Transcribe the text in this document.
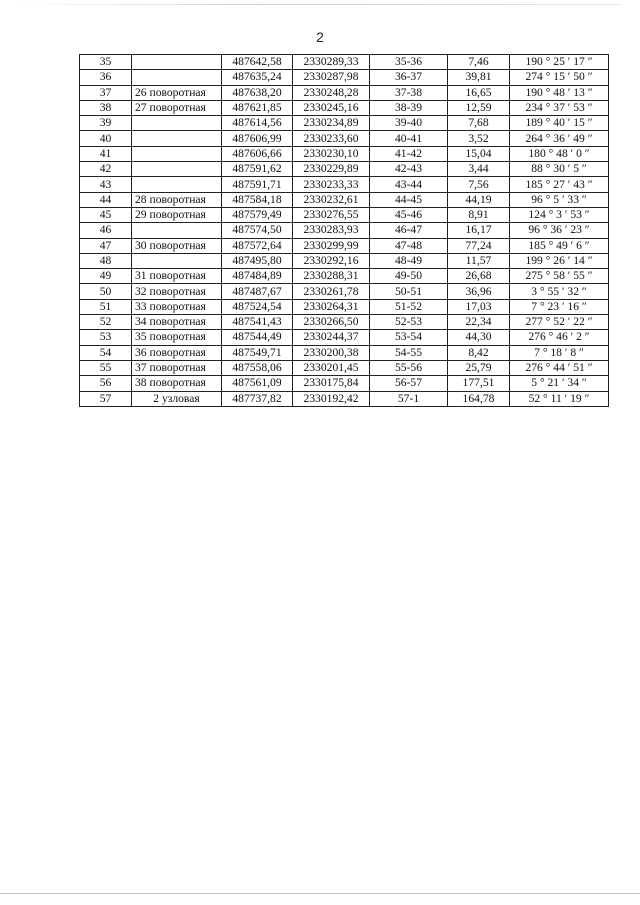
2
35		487642,58	2330289,33	35-36	7,46	190 ° 25 ′ 17 ″
36		487635,24	2330287,98	36-37	39,81	274 ° 15 ′ 50 ″
37	26 поворотная	487638,20	2330248,28	37-38	16,65	190 ° 48 ′ 13 ″
38	27 поворотная	487621,85	2330245,16	38-39	12,59	234 ° 37 ′ 53 ″
39		487614,56	2330234,89	39-40	7,68	189 ° 40 ′ 15 ″
40		487606,99	2330233,60	40-41	3,52	264 ° 36 ′ 49 ″
41		487606,66	2330230,10	41-42	15,04	180 ° 48 ′ 0 ″
42		487591,62	2330229,89	42-43	3,44	88 ° 30 ′ 5 ″
43		487591,71	2330233,33	43-44	7,56	185 ° 27 ′ 43 ″
44	28 поворотная	487584,18	2330232,61	44-45	44,19	96 ° 5 ′ 33 ″
45	29 поворотная	487579,49	2330276,55	45-46	8,91	124 ° 3 ′ 53 ″
46		487574,50	2330283,93	46-47	16,17	96 ° 36 ′ 23 ″
47	30 поворотная	487572,64	2330299,99	47-48	77,24	185 ° 49 ′ 6 ″
48		487495,80	2330292,16	48-49	11,57	199 ° 26 ′ 14 ″
49	31 поворотная	487484,89	2330288,31	49-50	26,68	275 ° 58 ′ 55 ″
50	32 поворотная	487487,67	2330261,78	50-51	36,96	3 ° 55 ′ 32 ″
51	33 поворотная	487524,54	2330264,31	51-52	17,03	7 ° 23 ′ 16 ″
52	34 поворотная	487541,43	2330266,50	52-53	22,34	277 ° 52 ′ 22 ″
53	35 поворотная	487544,49	2330244,37	53-54	44,30	276 ° 46 ′ 2 ″
54	36 поворотная	487549,71	2330200,38	54-55	8,42	7 ° 18 ′ 8 ″
55	37 поворотная	487558,06	2330201,45	55-56	25,79	276 ° 44 ′ 51 ″
56	38 поворотная	487561,09	2330175,84	56-57	177,51	5 ° 21 ′ 34 ″
57	2 узловая	487737,82	2330192,42	57-1	164,78	52 ° 11 ′ 19 ″
